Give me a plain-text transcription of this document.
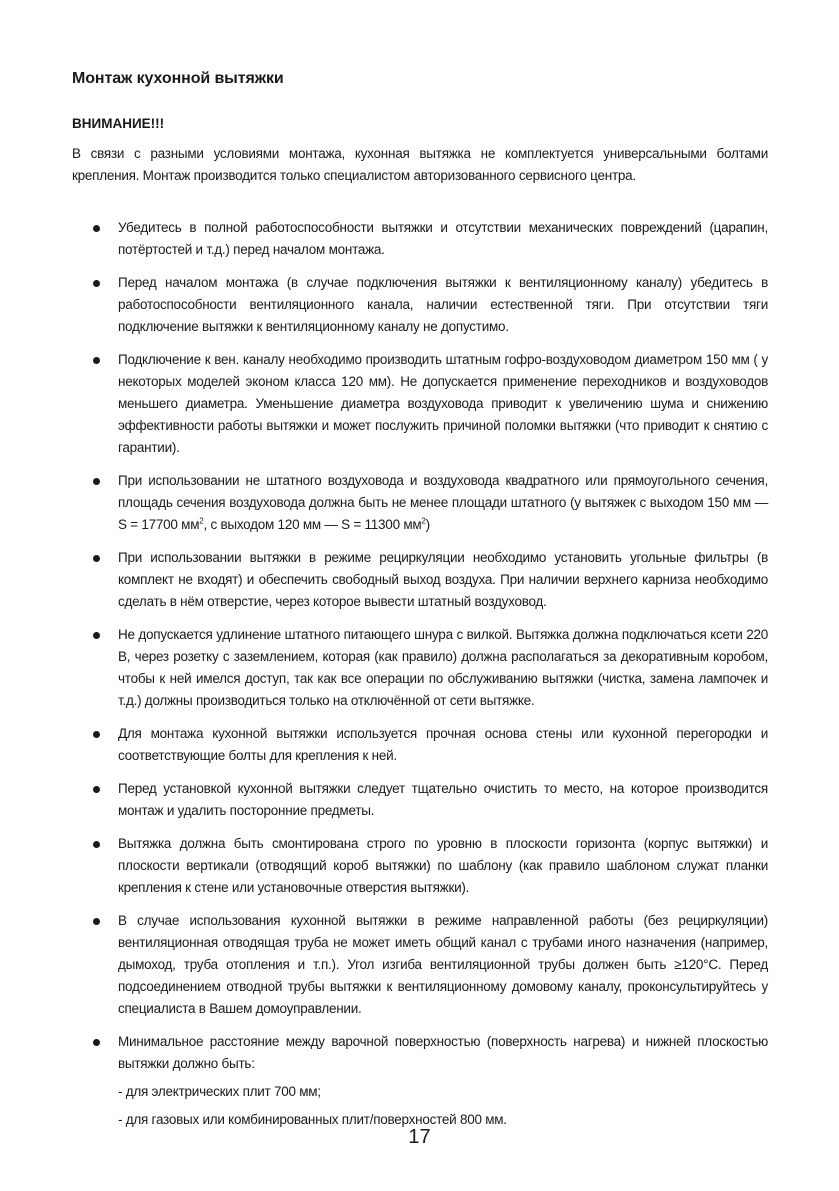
Монтаж кухонной вытяжки
ВНИМАНИЕ!!!

В связи с разными условиями монтажа, кухонная вытяжка не комплектуется универсальными болтами крепления. Монтаж производится только специалистом авторизованного сервисного центра.

Убедитесь в полной работоспособности вытяжки и отсутствии механических повреждений (царапин, потёртостей и т.д.) перед началом монтажа.
Перед началом монтажа (в случае подключения вытяжки к вентиляционному каналу) убедитесь в работоспособности вентиляционного канала, наличии естественной тяги. При отсутствии тяги подключение вытяжки к вентиляционному каналу не допустимо.
Подключение к вен. каналу необходимо производить штатным гофро-воздуховодом диаметром 150 мм ( у некоторых моделей эконом класса 120 мм). Не допускается применение переходников и воздуховодов меньшего диаметра. Уменьшение диаметра воздуховода приводит к увеличению шума и снижению эффективности работы вытяжки и может послужить причиной поломки вытяжки (что приводит к снятию с гарантии).
При использовании не штатного воздуховода и воздуховода квадратного или прямоугольного сечения, площадь сечения воздуховода должна быть не менее площади штатного (у вытяжек с выходом 150 мм — S = 17700 $мм^2$, с выходом 120 мм — S = 11300 $мм^2$)
При использовании вытяжки в режиме рециркуляции необходимо установить угольные фильтры (в комплект не входят) и обеспечить свободный выход воздуха. При наличии верхнего карниза необходимо сделать в нём отверстие, через которое вывести штатный воздуховод.
Не допускается удлинение штатного питающего шнура с вилкой. Вытяжка должна подключаться ксети 220 В, через розетку с заземлением, которая (как правило) должна располагаться за декоративным коробом, чтобы к ней имелся доступ, так как все операции по обслуживанию вытяжки (чистка, замена лампочек и т.д.) должны производиться только на отключённой от сети вытяжке.
Для монтажа кухонной вытяжки используется прочная основа стены или кухонной перегородки и соответствующие болты для крепления к ней.
Перед установкой кухонной вытяжки следует тщательно очистить то место, на которое производится монтаж и удалить посторонние предметы.
Вытяжка должна быть смонтирована строго по уровню в плоскости горизонта (корпус вытяжки) и плоскости вертикали (отводящий короб вытяжки) по шаблону (как правило шаблоном служат планки крепления к стене или установочные отверстия вытяжки).
В случае использования кухонной вытяжки в режиме направленной работы (без рециркуляции) вентиляционная отводящая труба не может иметь общий канал с трубами иного назначения (например, дымоход, труба отопления и т.п.). Угол изгиба вентиляционной трубы должен быть ≥120°С. Перед подсоединением отводной трубы вытяжки к вентиляционному домовому каналу, проконсультируйтесь у специалиста в Вашем домоуправлении.
Минимальное расстояние между варочной поверхностью (поверхность нагрева) и нижней плоскостью вытяжки должно быть:
- для электрических плит 700 мм;
- для газовых или комбинированных плит/поверхностей 800 мм.

17
